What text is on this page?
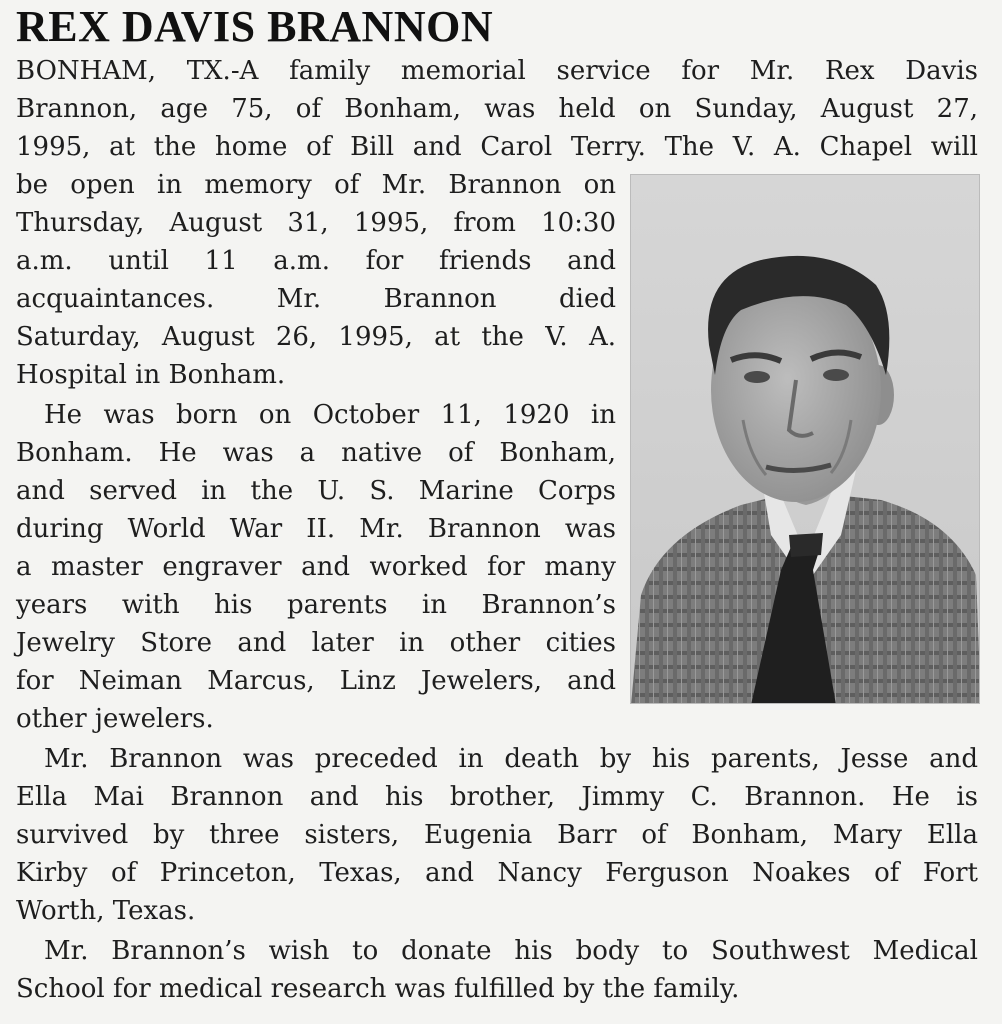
REX DAVIS BRANNON
BONHAM, TX.-A family memorial service for Mr. Rex Davis
Brannon, age 75, of Bonham, was held on Sunday, August 27,
1995, at the home of Bill and Carol Terry. The V. A. Chapel will
be open in memory of Mr. Brannon on
Thursday, August 31, 1995, from 10:30
a.m. until 11 a.m. for friends and
acquaintances. Mr. Brannon died
Saturday, August 26, 1995, at the V. A.
Hospital in Bonham.
He was born on October 11, 1920 in
Bonham. He was a native of Bonham,
and served in the U. S. Marine Corps
during World War II. Mr. Brannon was
a master engraver and worked for many
years with his parents in Brannon’s
Jewelry Store and later in other cities
for Neiman Marcus, Linz Jewelers, and
other jewelers.
Mr. Brannon was preceded in death by his parents, Jesse and
Ella Mai Brannon and his brother, Jimmy C. Brannon. He is
survived by three sisters, Eugenia Barr of Bonham, Mary Ella
Kirby of Princeton, Texas, and Nancy Ferguson Noakes of Fort
Worth, Texas.
Mr. Brannon’s wish to donate his body to Southwest Medical
School for medical research was fulfilled by the family.
